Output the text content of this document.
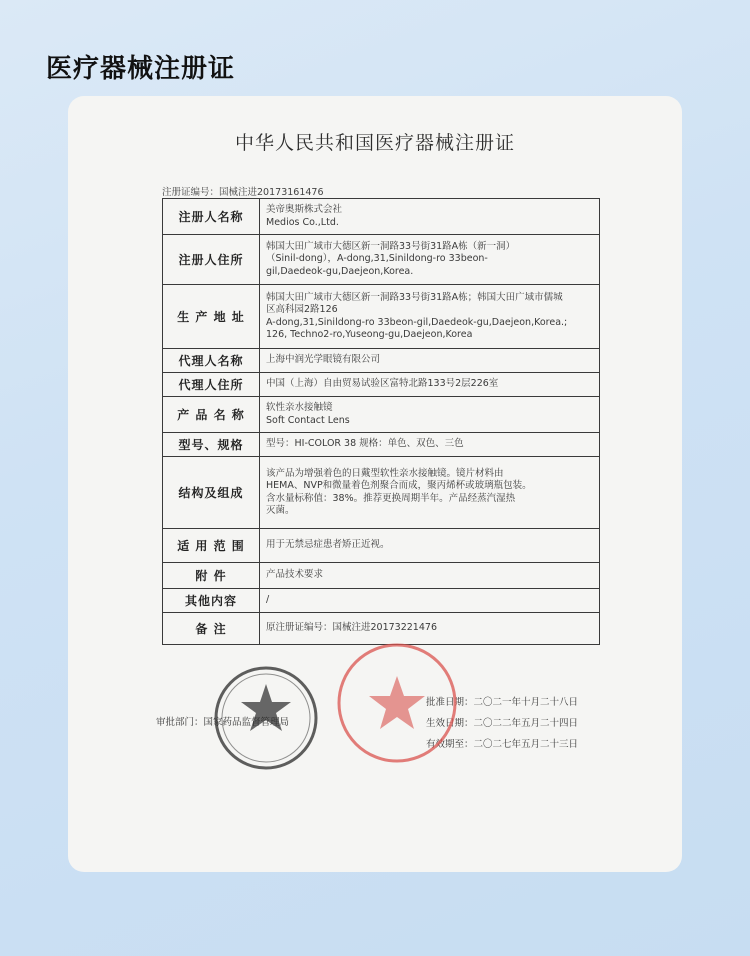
医疗器械注册证
中华人民共和国医疗器械注册证
注册证编号：国械注进20173161476
注册人名称	美帝奥斯株式会社
Medios Co.,Ltd.

注册人住所	韩国大田广域市大德区新一洞路33号街31路A栋（新一洞）
（Sinil-dong），A-dong,31,Sinildong-ro 33beon-
gil,Daedeok-gu,Daejeon,Korea.

生 产 地 址	韩国大田广域市大德区新一洞路33号街31路A栋；韩国大田广域市儒城
区高科园2路126
A-dong,31,Sinildong-ro 33beon-gil,Daedeok-gu,Daejeon,Korea.;
126, Techno2-ro,Yuseong-gu,Daejeon,Korea

代理人名称	上海中润光学眼镜有限公司

代理人住所	中国（上海）自由贸易试验区富特北路133号2层226室

产 品 名 称	软性亲水接触镜
Soft Contact Lens

型号、规格	型号：HI-COLOR 38 规格：单色、双色、三色

结构及组成	该产品为增强着色的日戴型软性亲水接触镜。镜片材料由
HEMA、NVP和微量着色剂聚合而成，聚丙烯杯或玻璃瓶包装。
含水量标称值：38%。推荐更换周期半年。产品经蒸汽湿热
灭菌。

适 用 范 围	用于无禁忌症患者矫正近视。

附 件	产品技术要求

其他内容	/

备 注	原注册证编号：国械注进20173221476
审批部门：国家药品监督管理局
批准日期：二〇二一年十月二十八日
生效日期：二〇二二年五月二十四日
有效期至：二〇二七年五月二十三日
